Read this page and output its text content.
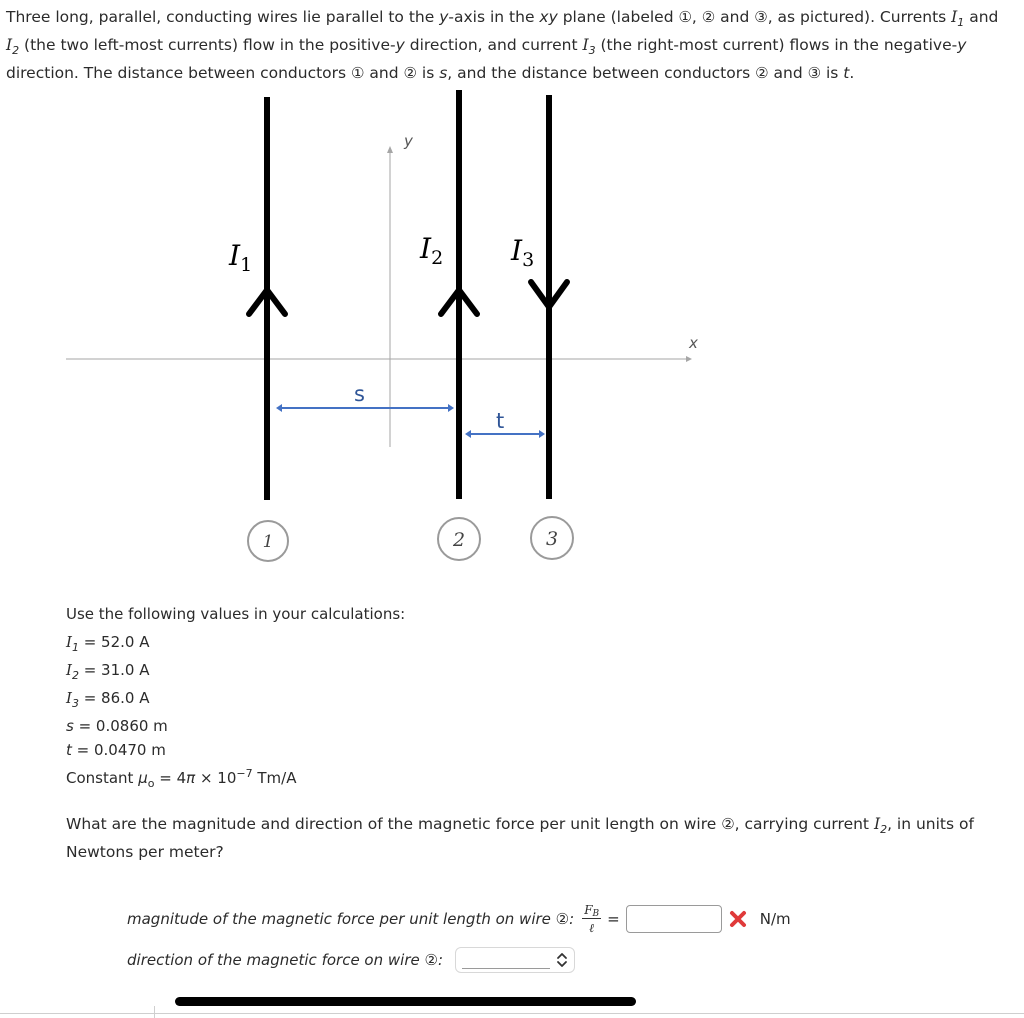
Three long, parallel, conducting wires lie parallel to the y-axis in the xy plane (labeled ①, ② and ③, as pictured). Currents $I_1$ and $I_2$ (the two left-most currents) flow in the positive-y direction, and current $I_3$ (the right-most current) flows in the negative-y direction. The distance between conductors ① and ② is s, and the distance between conductors ② and ③ is t.
y
x
$I_1$	$I_2$ $I_3$
s
t
1	2	3
Use the following values in your calculations:
$I_1 = 52.0$ A
$I_2 = 31.0$ A
$I_3 = 86.0$ A
s = 0.0860 m
t = 0.0470 m
Constant $\mu_o = 4\pi \times 10^{-7}$ Tm/A
What are the magnitude and direction of the magnetic force per unit length on wire ②, carrying current $I_2$, in units of Newtons per meter?
magnitude of the magnetic force per unit length on wire ②: $\frac{F_B}{\text{ℓ}}$ =	N/m
direction of the magnetic force on wire ②:
